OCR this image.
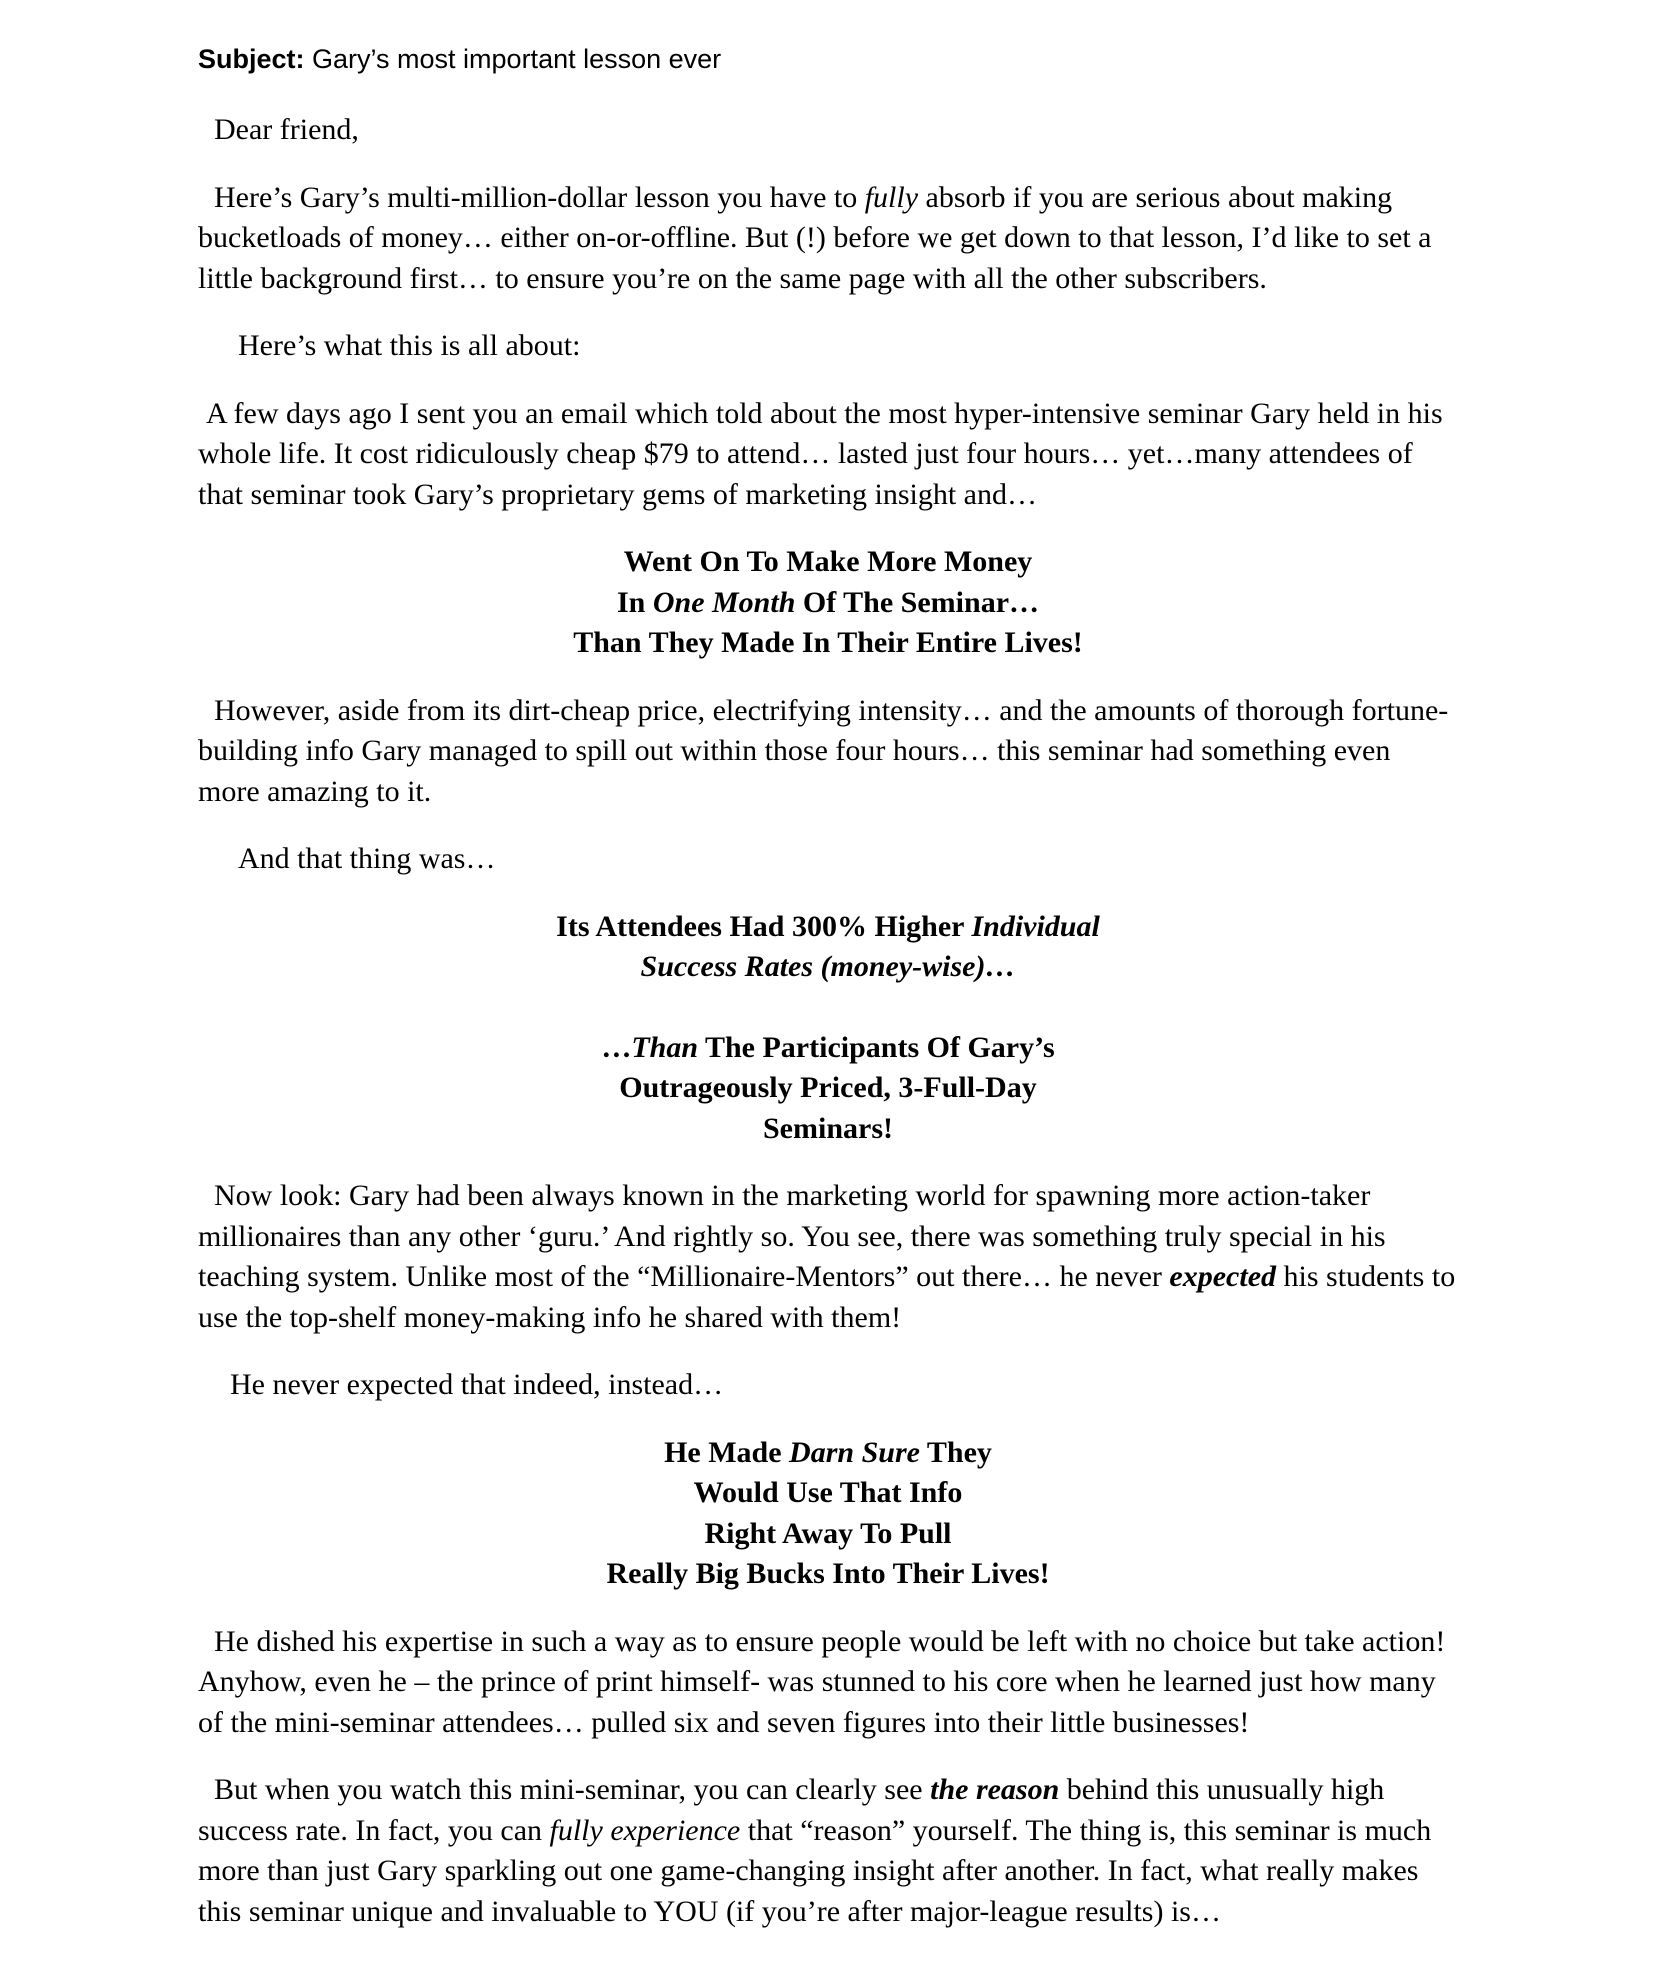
Subject: Gary’s most important lesson ever

Dear friend,

Here’s Gary’s multi-million-dollar lesson you have to fully absorb if you are serious about making bucketloads of money… either on-or-offline. But (!) before we get down to that lesson, I’d like to set a little background first… to ensure you’re on the same page with all the other subscribers.

Here’s what this is all about:

A few days ago I sent you an email which told about the most hyper-intensive seminar Gary held in his whole life. It cost ridiculously cheap $79 to attend… lasted just four hours… yet…many attendees of that seminar took Gary’s proprietary gems of marketing insight and…

Went On To Make More Money
In One Month Of The Seminar…
Than They Made In Their Entire Lives!

However, aside from its dirt-cheap price, electrifying intensity… and the amounts of thorough fortune-building info Gary managed to spill out within those four hours… this seminar had something even more amazing to it.

And that thing was…

Its Attendees Had 300% Higher Individual
Success Rates (money-wise)…
…Than The Participants Of Gary’s
Outrageously Priced, 3-Full-Day
Seminars!

Now look: Gary had been always known in the marketing world for spawning more action-taker millionaires than any other ‘guru.’ And rightly so. You see, there was something truly special in his teaching system. Unlike most of the “Millionaire-Mentors” out there… he never expected his students to use the top-shelf money-making info he shared with them!

He never expected that indeed, instead…

He Made Darn Sure They
Would Use That Info
Right Away To Pull
Really Big Bucks Into Their Lives!

He dished his expertise in such a way as to ensure people would be left with no choice but take action! Anyhow, even he – the prince of print himself- was stunned to his core when he learned just how many of the mini-seminar attendees… pulled six and seven figures into their little businesses!

But when you watch this mini-seminar, you can clearly see the reason behind this unusually high success rate. In fact, you can fully experience that “reason” yourself. The thing is, this seminar is much more than just Gary sparkling out one game-changing insight after another. In fact, what really makes this seminar unique and invaluable to YOU (if you’re after major-league results) is…
